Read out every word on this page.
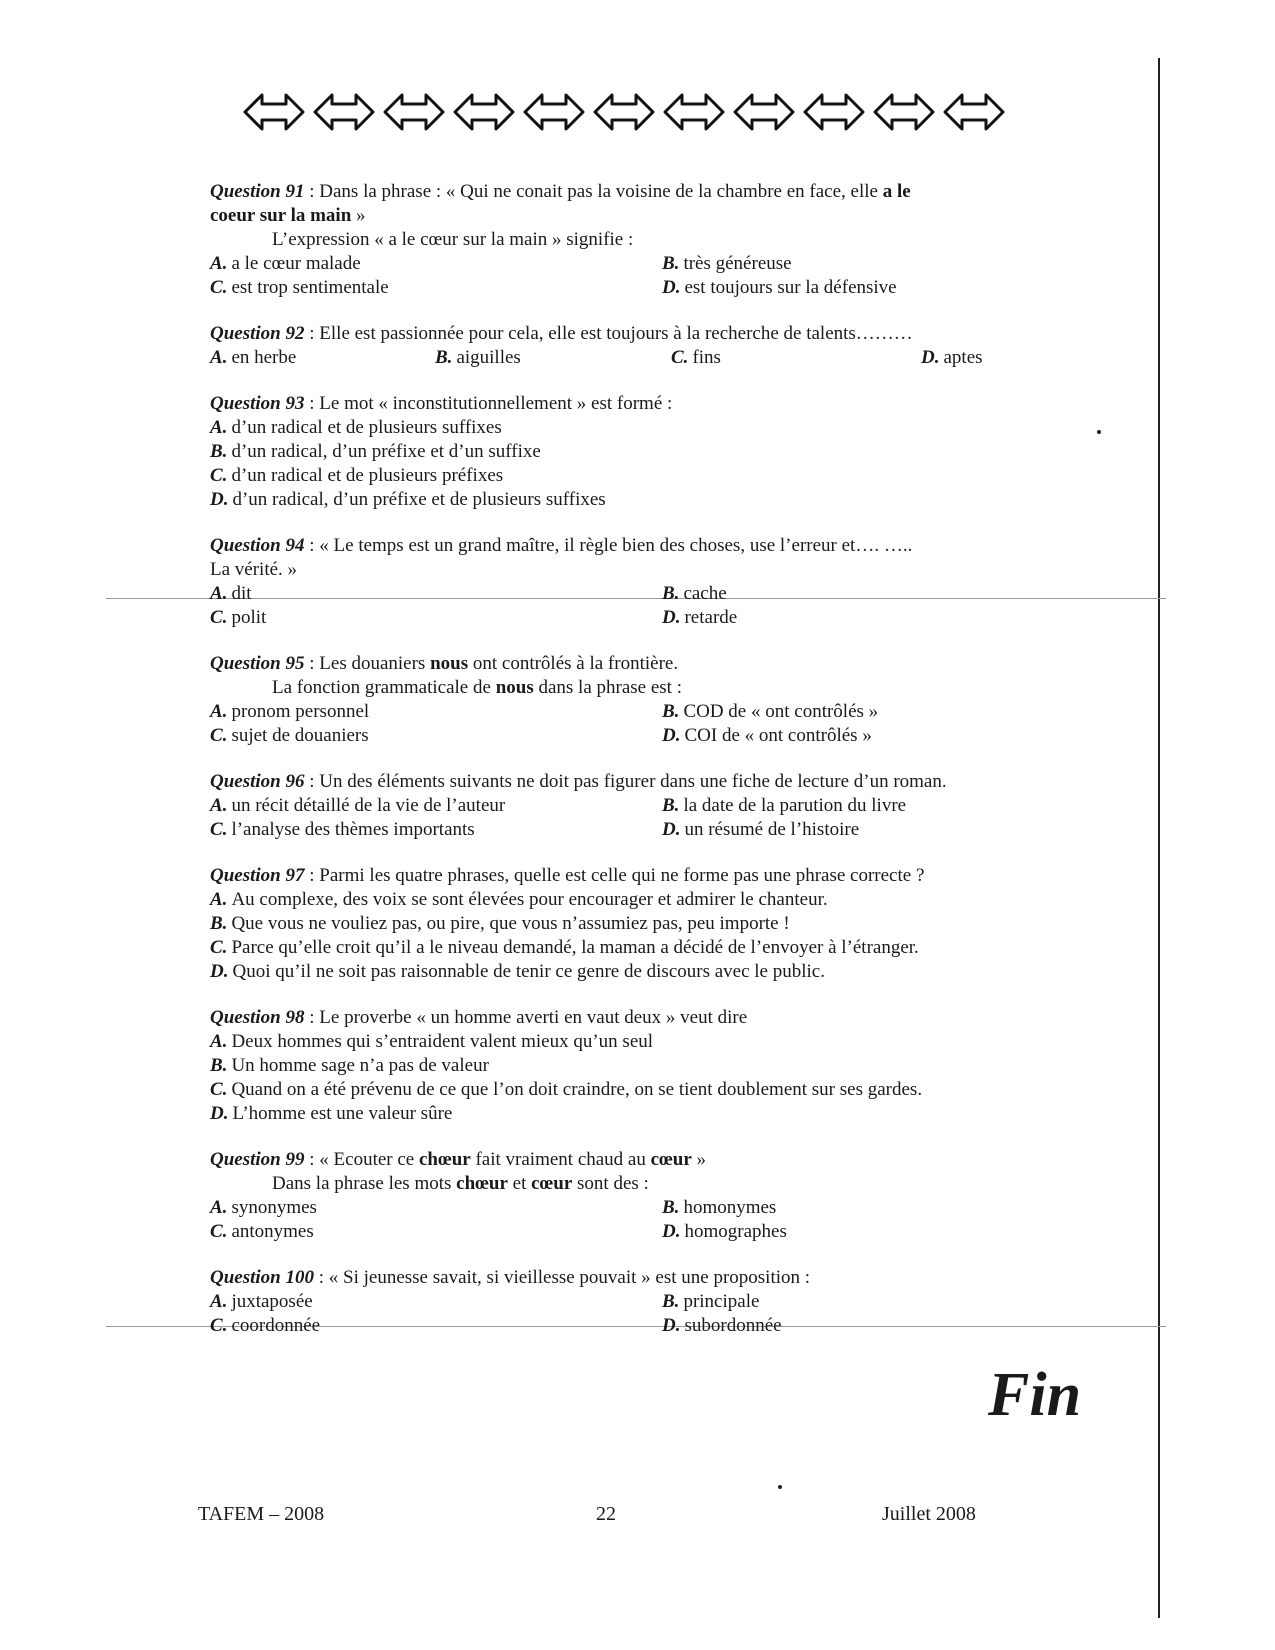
Question 91 : Dans la phrase : « Qui ne conait pas la voisine de la chambre en face, elle a le
coeur sur la main »
L’expression « a le cœur sur la main » signifie :
A. a le cœur malade	B. très généreuse
C. est trop sentimentale	D. est toujours sur la défensive
Question 92 : Elle est passionnée pour cela, elle est toujours à la recherche de talents………
A. en herbe	B. aiguilles	C. fins	D. aptes
Question 93 : Le mot « inconstitutionnellement » est formé :
A. d’un radical et de plusieurs suffixes
B. d’un radical, d’un préfixe et d’un suffixe
C. d’un radical et de plusieurs préfixes
D. d’un radical, d’un préfixe et de plusieurs suffixes
Question 94 : « Le temps est un grand maître, il règle bien des choses, use l’erreur et…. …..
La vérité. »
A. dit	B. cache
C. polit	D. retarde
Question 95 : Les douaniers nous ont contrôlés à la frontière.
La fonction grammaticale de nous dans la phrase est :
A. pronom personnel	B. COD de « ont contrôlés »
C. sujet de douaniers	D. COI de « ont contrôlés »
Question 96 : Un des éléments suivants ne doit pas figurer dans une fiche de lecture d’un roman.
A. un récit détaillé de la vie de l’auteur	B. la date de la parution du livre
C. l’analyse des thèmes importants	D. un résumé de l’histoire
Question 97 : Parmi les quatre phrases, quelle est celle qui ne forme pas une phrase correcte ?
A. Au complexe, des voix se sont élevées pour encourager et admirer le chanteur.
B. Que vous ne vouliez pas, ou pire, que vous n’assumiez pas, peu importe !
C. Parce qu’elle croit qu’il a le niveau demandé, la maman a décidé de l’envoyer à l’étranger.
D. Quoi qu’il ne soit pas raisonnable de tenir ce genre de discours avec le public.
Question 98 : Le proverbe « un homme averti en vaut deux » veut dire
A. Deux hommes qui s’entraident valent mieux qu’un seul
B. Un homme sage n’a pas de valeur
C. Quand on a été prévenu de ce que l’on doit craindre, on se tient doublement sur ses gardes.
D. L’homme est une valeur sûre
Question 99 : « Ecouter ce chœur fait vraiment chaud au cœur »
Dans la phrase les mots chœur et cœur sont des :
A. synonymes	B. homonymes
C. antonymes	D. homographes
Question 100 : « Si jeunesse savait, si vieillesse pouvait » est une proposition :
A. juxtaposée	B. principale
C. coordonnée	D. subordonnée
Fin
TAFEM – 2008	22	Juillet 2008
